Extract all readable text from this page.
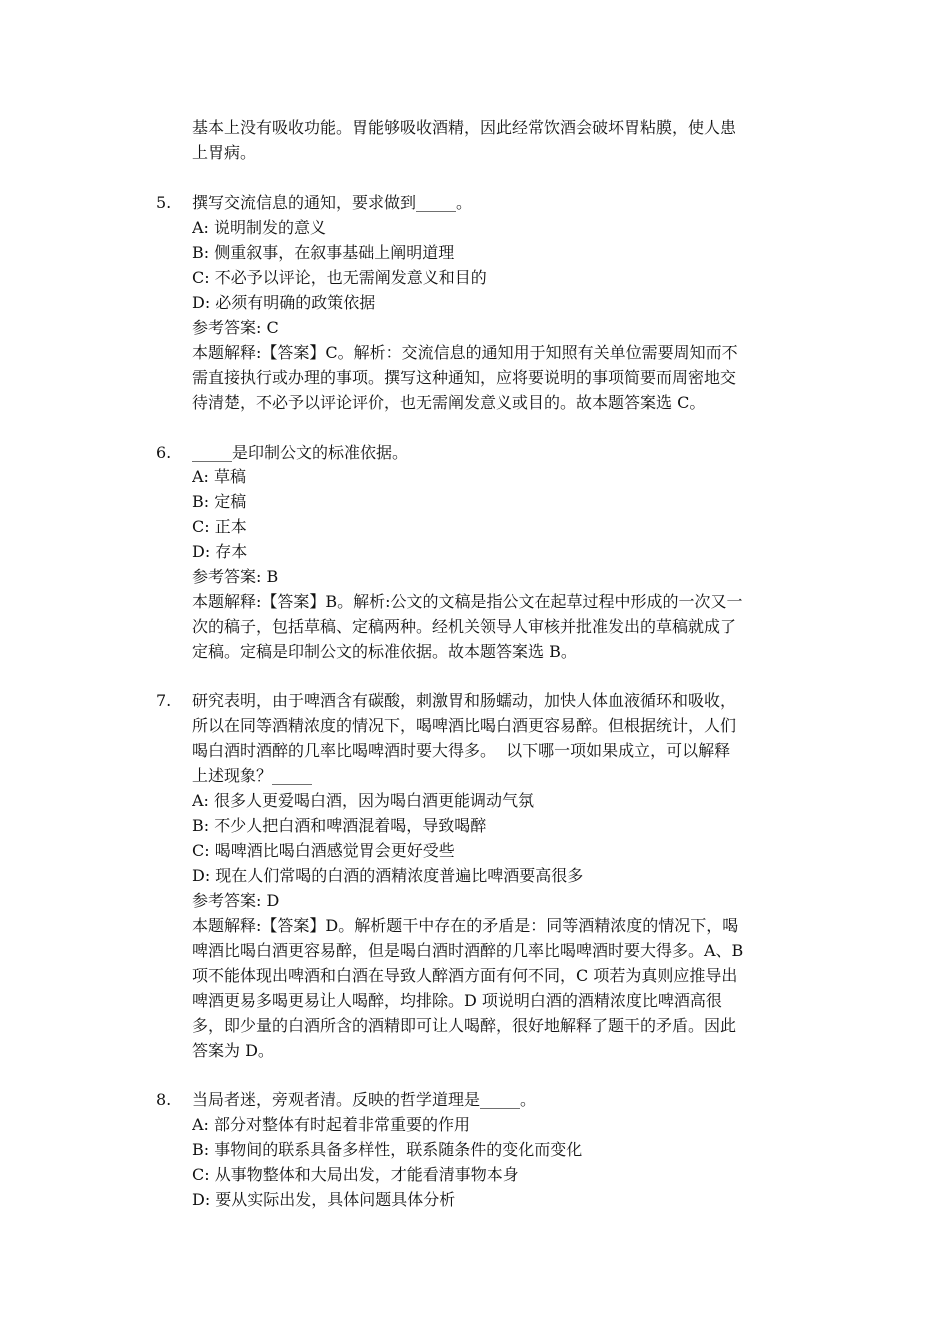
基本上没有吸收功能。胃能够吸收酒精，因此经常饮酒会破坏胃粘膜，使人患
上胃病。
5.	撰写交流信息的通知，要求做到_____。
A: 说明制发的意义
B: 侧重叙事，在叙事基础上阐明道理
C: 不必予以评论，也无需阐发意义和目的
D: 必须有明确的政策依据
参考答案: C
本题解释:【答案】C。解析：交流信息的通知用于知照有关单位需要周知而不
需直接执行或办理的事项。撰写这种通知，应将要说明的事项简要而周密地交
待清楚，不必予以评论评价，也无需阐发意义或目的。故本题答案选 C。
6.	_____是印制公文的标准依据。
A: 草稿
B: 定稿
C: 正本
D: 存本
参考答案: B
本题解释:【答案】B。解析:公文的文稿是指公文在起草过程中形成的一次又一
次的稿子，包括草稿、定稿两种。经机关领导人审核并批准发出的草稿就成了
定稿。定稿是印制公文的标准依据。故本题答案选 B。
7.	研究表明，由于啤酒含有碳酸，刺激胃和肠蠕动，加快人体血液循环和吸收，
所以在同等酒精浓度的情况下，喝啤酒比喝白酒更容易醉。但根据统计，人们
喝白酒时酒醉的几率比喝啤酒时要大得多。  以下哪一项如果成立，可以解释
上述现象？_____
A: 很多人更爱喝白酒，因为喝白酒更能调动气氛
B: 不少人把白酒和啤酒混着喝，导致喝醉
C: 喝啤酒比喝白酒感觉胃会更好受些
D: 现在人们常喝的白酒的酒精浓度普遍比啤酒要高很多
参考答案: D
本题解释:【答案】D。解析题干中存在的矛盾是：同等酒精浓度的情况下，喝
啤酒比喝白酒更容易醉，但是喝白酒时酒醉的几率比喝啤酒时要大得多。A、B
项不能体现出啤酒和白酒在导致人醉酒方面有何不同，C 项若为真则应推导出
啤酒更易多喝更易让人喝醉，均排除。D 项说明白酒的酒精浓度比啤酒高很
多，即少量的白酒所含的酒精即可让人喝醉，很好地解释了题干的矛盾。因此
答案为 D。
8.	当局者迷，旁观者清。反映的哲学道理是_____。
A: 部分对整体有时起着非常重要的作用
B: 事物间的联系具备多样性，联系随条件的变化而变化
C: 从事物整体和大局出发，才能看清事物本身
D: 要从实际出发，具体问题具体分析
